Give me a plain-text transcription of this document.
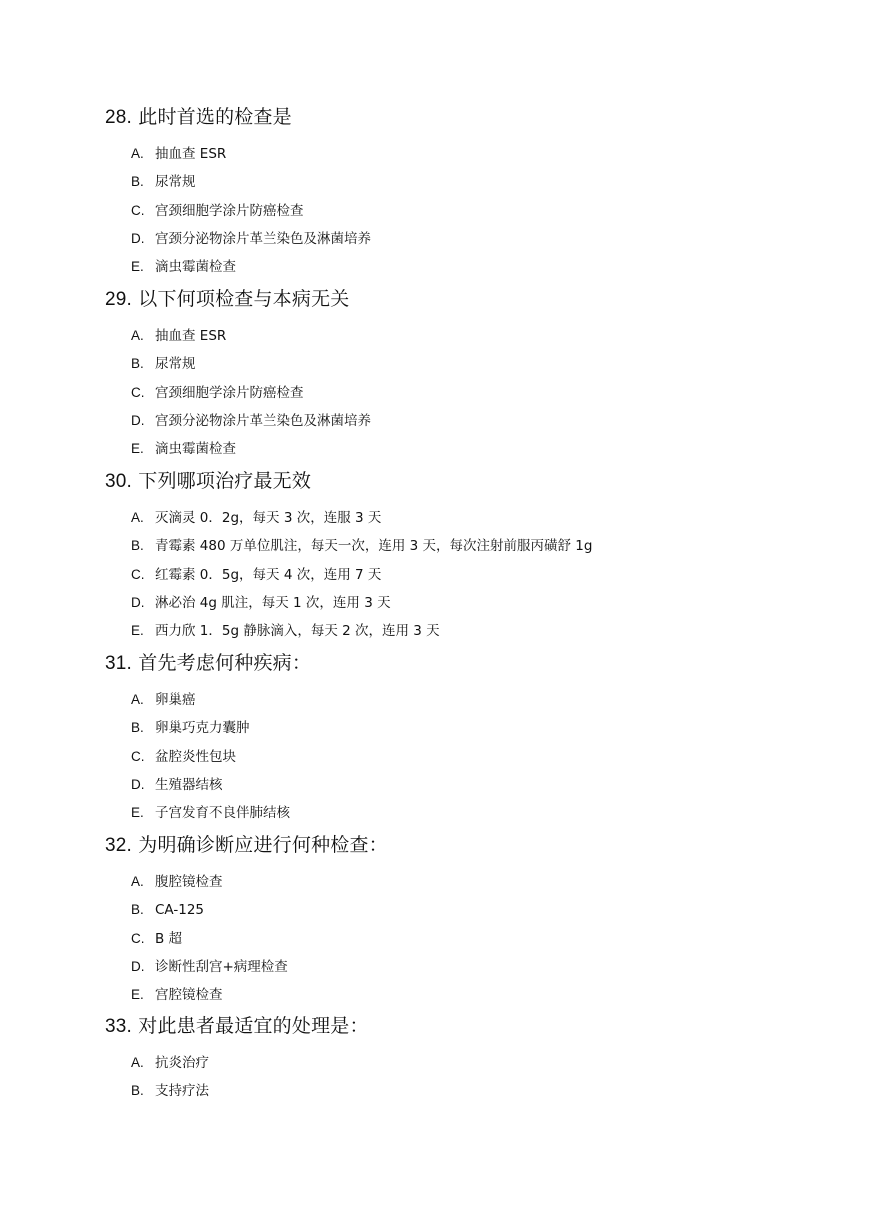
28. 此时首选的检查是
A. 抽血查 ESR
B. 尿常规
C. 宫颈细胞学涂片防癌检查
D. 宫颈分泌物涂片革兰染色及淋菌培养
E. 滴虫霉菌检查
29. 以下何项检查与本病无关
A. 抽血查 ESR
B. 尿常规
C. 宫颈细胞学涂片防癌检查
D. 宫颈分泌物涂片革兰染色及淋菌培养
E. 滴虫霉菌检查
30. 下列哪项治疗最无效
A. 灭滴灵 0．2g，每天 3 次，连服 3 天
B. 青霉素 480 万单位肌注，每天一次，连用 3 天，每次注射前服丙磺舒 1g
C. 红霉素 0．5g，每天 4 次，连用 7 天
D. 淋必治 4g 肌注，每天 1 次，连用 3 天
E. 西力欣 1．5g 静脉滴入，每天 2 次，连用 3 天
31. 首先考虑何种疾病：
A. 卵巢癌
B. 卵巢巧克力囊肿
C. 盆腔炎性包块
D. 生殖器结核
E. 子宫发育不良伴肺结核
32. 为明确诊断应进行何种检查：
A. 腹腔镜检查
B. CA-125
C. B 超
D. 诊断性刮宫+病理检查
E. 宫腔镜检查
33. 对此患者最适宜的处理是：
A. 抗炎治疗
B. 支持疗法
